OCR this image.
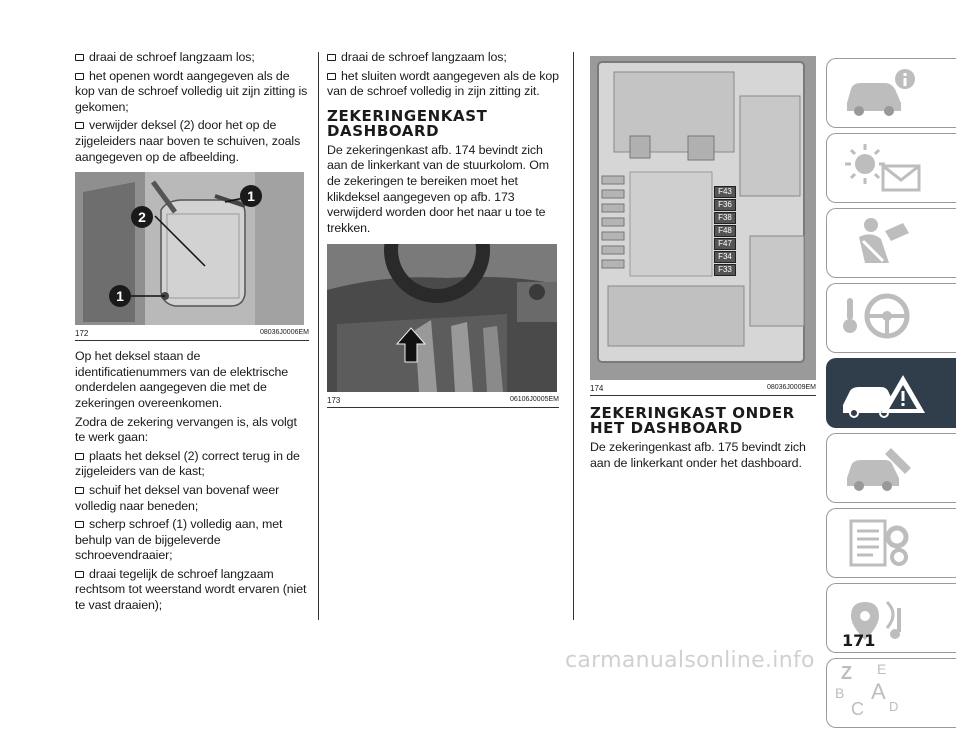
draai de schroef langzaam los;

het openen wordt aangegeven als de kop van de schroef volledig uit zijn zitting is gekomen;

verwijder deksel (2) door het op de zijgeleiders naar boven te schuiven, zoals aangegeven op de afbeelding.

1
2
1
172	08036J0006EM

Op het deksel staan de identificatienummers van de elektrische onderdelen aangegeven die met de zekeringen overeenkomen.

Zodra de zekering vervangen is, als volgt te werk gaan:

plaats het deksel (2) correct terug in de zijgeleiders van de kast;

schuif het deksel van bovenaf weer volledig naar beneden;

scherp schroef (1) volledig aan, met behulp van de bijgeleverde schroevendraaier;

draai tegelijk de schroef langzaam rechtsom tot weerstand wordt ervaren (niet te vast draaien);

draai de schroef langzaam los;

het sluiten wordt aangegeven als de kop van de schroef volledig in zijn zitting zit.

ZEKERINGENKAST DASHBOARD

De zekeringenkast afb. 174 bevindt zich aan de linkerkant van de stuurkolom. Om de zekeringen te bereiken moet het klikdeksel aangegeven op afb. 173 verwijderd worden door het naar u toe te trekken.

173	06106J0005EM
F43
F36
F38
F48
F47
F34
F33
174	08036J0009EM
ZEKERINGKAST ONDER HET DASHBOARD

De zekeringenkast afb. 175 bevindt zich aan de linkerkant onder het dashboard.

Z E
B A
C D
171
carmanualsonline.info
